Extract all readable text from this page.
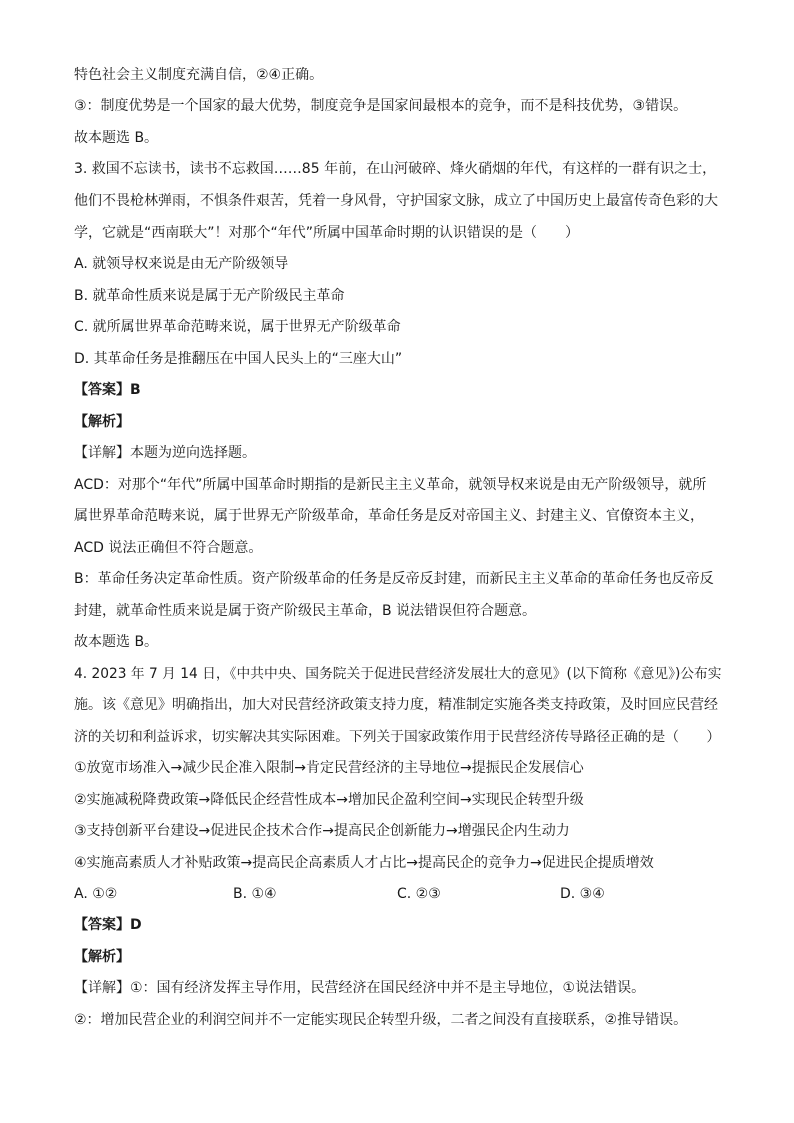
特色社会主义制度充满自信，②④正确。
③：制度优势是一个国家的最大优势，制度竞争是国家间最根本的竞争，而不是科技优势，③错误。
故本题选 B。
3. 救国不忘读书，读书不忘救国……85 年前，在山河破碎、烽火硝烟的年代，有这样的一群有识之士，
他们不畏枪林弹雨，不惧条件艰苦，凭着一身风骨，守护国家文脉，成立了中国历史上最富传奇色彩的大
学，它就是“西南联大”！对那个“年代”所属中国革命时期的认识错误的是（　　）
A. 就领导权来说是由无产阶级领导
B. 就革命性质来说是属于无产阶级民主革命
C. 就所属世界革命范畴来说，属于世界无产阶级革命
D. 其革命任务是推翻压在中国人民头上的“三座大山”
【答案】B
【解析】
【详解】本题为逆向选择题。
ACD：对那个“年代”所属中国革命时期指的是新民主主义革命，就领导权来说是由无产阶级领导，就所
属世界革命范畴来说，属于世界无产阶级革命，革命任务是反对帝国主义、封建主义、官僚资本主义，
ACD 说法正确但不符合题意。
B：革命任务决定革命性质。资产阶级革命的任务是反帝反封建，而新民主主义革命的革命任务也反帝反
封建，就革命性质来说是属于资产阶级民主革命，B 说法错误但符合题意。
故本题选 B。
4. 2023 年 7 月 14 日，《中共中央、国务院关于促进民营经济发展壮大的意见》(以下简称《意见》)公布实
施。该《意见》明确指出，加大对民营经济政策支持力度，精准制定实施各类支持政策，及时回应民营经
济的关切和利益诉求，切实解决其实际困难。下列关于国家政策作用于民营经济传导路径正确的是（　　）
①放宽市场准入→减少民企准入限制→肯定民营经济的主导地位→提振民企发展信心
②实施减税降费政策→降低民企经营性成本→增加民企盈利空间→实现民企转型升级
③支持创新平台建设→促进民企技术合作→提高民企创新能力→增强民企内生动力
④实施高素质人才补贴政策→提高民企高素质人才占比→提高民企的竞争力→促进民企提质增效
A. ①②	B. ①④	C. ②③	D. ③④
【答案】D
【解析】
【详解】①：国有经济发挥主导作用，民营经济在国民经济中并不是主导地位，①说法错误。
②：增加民营企业的利润空间并不一定能实现民企转型升级，二者之间没有直接联系，②推导错误。
